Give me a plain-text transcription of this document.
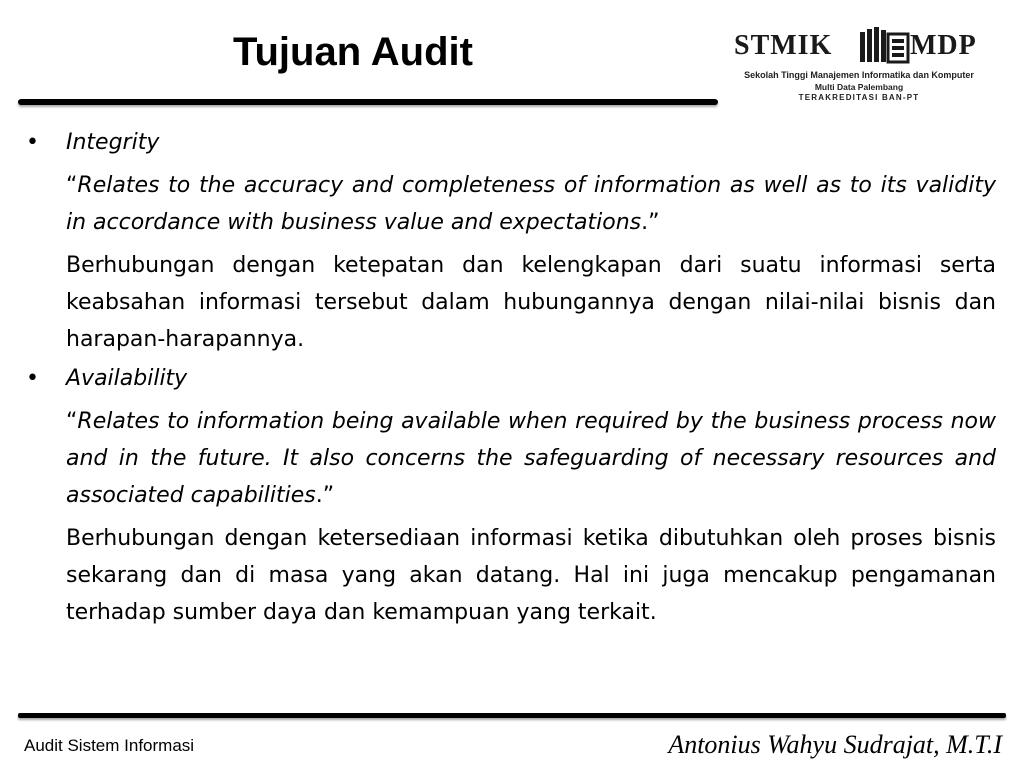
Tujuan Audit	STMIK	MDP
Sekolah Tinggi Manajemen Informatika dan Komputer
Multi Data Palembang
TERAKREDITASI BAN-PT
• Integrity

“Relates to the accuracy and completeness of information as well as to its validity in accordance with business value and expectations.”

Berhubungan dengan ketepatan dan kelengkapan dari suatu informasi serta keabsahan informasi tersebut dalam hubungannya dengan nilai-nilai bisnis dan harapan-harapannya.

• Availability

“Relates to information being available when required by the business process now and in the future. It also concerns the safeguarding of necessary resources and associated capabilities.”

Berhubungan dengan ketersediaan informasi ketika dibutuhkan oleh proses bisnis sekarang dan di masa yang akan datang. Hal ini juga mencakup pengamanan terhadap sumber daya dan kemampuan yang terkait.

Audit Sistem Informasi	Antonius Wahyu Sudrajat, M.T.I
